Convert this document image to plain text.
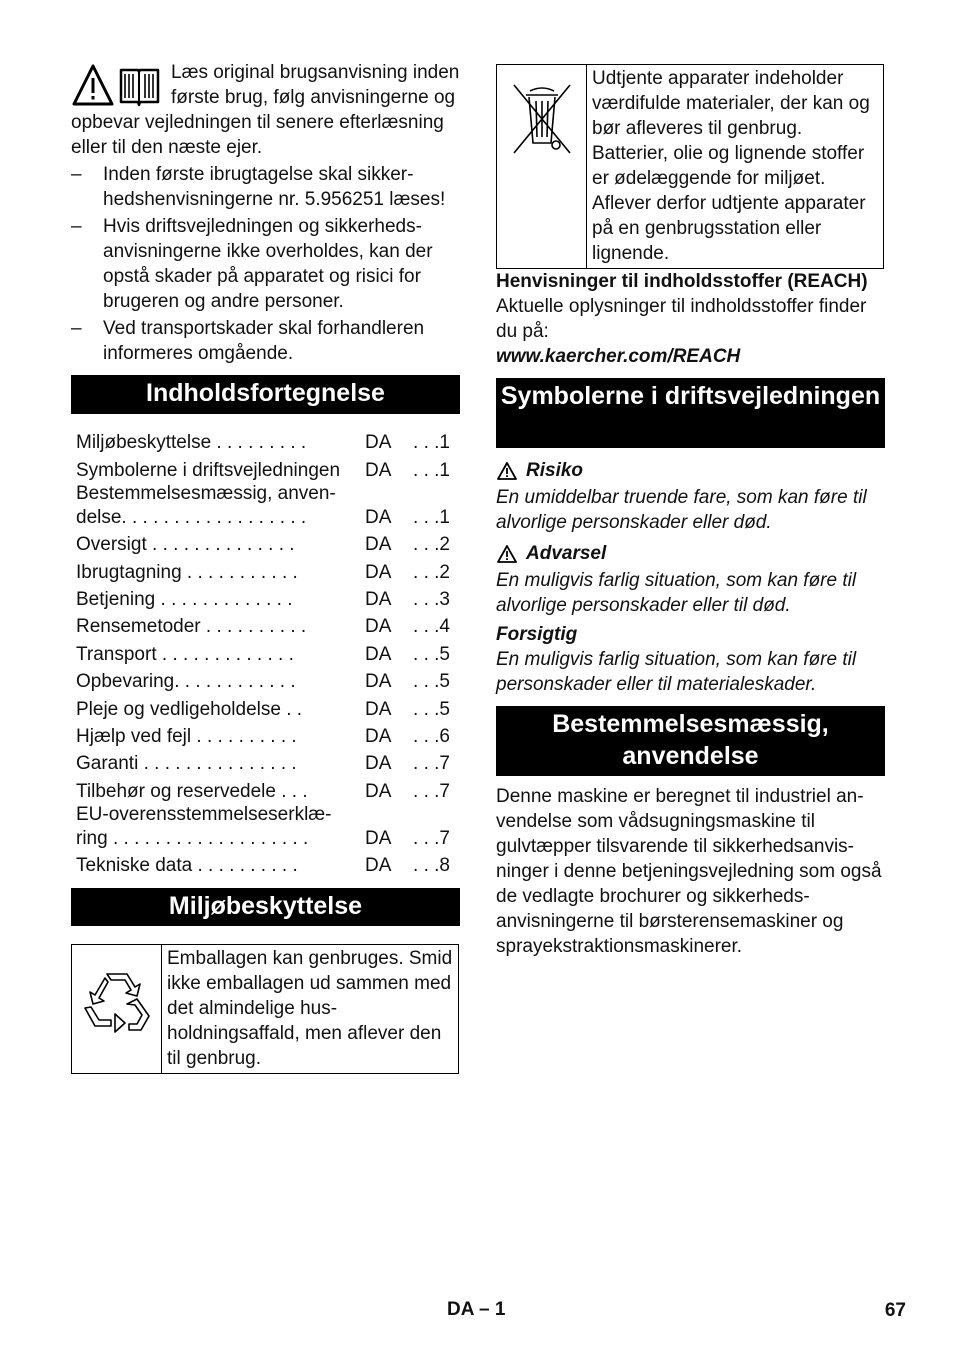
Læs original brugsanvisning inden første brug, følg anvisningerne og opbevar vejledningen til senere efterlæsning eller til den næste ejer.

– Inden første ibrugtagelse skal sikkerhedshenvisningerne nr. 5.956251 læses!
– Hvis driftsvejledningen og sikkerhedsanvisningerne ikke overholdes, kan der opstå skader på apparatet og risici for brugeren og andre personer.
– Ved transportskader skal forhandleren informeres omgående.
Indholdsfortegnelse
Miljøbeskyttelse . . . . . . . . .	DA	. . .1
Symbolerne i driftsvejledningen	DA	. . .1
Bestemmelsesmæssig, anven-
delse. . . . . . . . . . . . . . . . . .	DA	. . .1
Oversigt . . . . . . . . . . . . . .	DA	. . .2
Ibrugtagning . . . . . . . . . . .	DA	. . .2
Betjening . . . . . . . . . . . . .	DA	. . .3
Rensemetoder . . . . . . . . . .	DA	. . .4
Transport . . . . . . . . . . . . .	DA	. . .5
Opbevaring. . . . . . . . . . . .	DA	. . .5
Pleje og vedligeholdelse . .	DA	. . .5
Hjælp ved fejl . . . . . . . . . .	DA	. . .6
Garanti . . . . . . . . . . . . . . .	DA	. . .7
Tilbehør og reservedele . . .	DA	. . .7
EU-overensstemmelseserklæ-
ring . . . . . . . . . . . . . . . . . . .	DA	. . .7
Tekniske data . . . . . . . . . .	DA	. . .8
Miljøbeskyttelse
	Emballagen kan genbruges. Smid ikke emballagen ud sammen med det almindelige husholdningsaffald, men aflever den til genbrug.
	Udtjente apparater indeholder værdifulde materialer, der kan og bør afleveres til genbrug. Batterier, olie og lignende stoffer er ødelæggende for miljøet. Aflever derfor udtjente apparater på en genbrugsstation eller lignende.
Henvisninger til indholdsstoffer (REACH)
Aktuelle oplysninger til indholdsstoffer finder du på:
www.kaercher.com/REACH
Symbolerne i driftsvejledningen
Risiko
En umiddelbar truende fare, som kan føre til alvorlige personskader eller død.
Advarsel
En muligvis farlig situation, som kan føre til alvorlige personskader eller til død.
Forsigtig
En muligvis farlig situation, som kan føre til personskader eller til materialeskader.
Bestemmelsesmæssig, anvendelse
Denne maskine er beregnet til industriel anvendelse som vådsugningsmaskine til gulvtæpper tilsvarende til sikkerhedsanvisninger i denne betjeningsvejledning som også de vedlagte brochurer og sikkerhedsanvisningerne til børsterensemaskiner og sprayekstraktionsmaskinerer.
DA – 1	67
